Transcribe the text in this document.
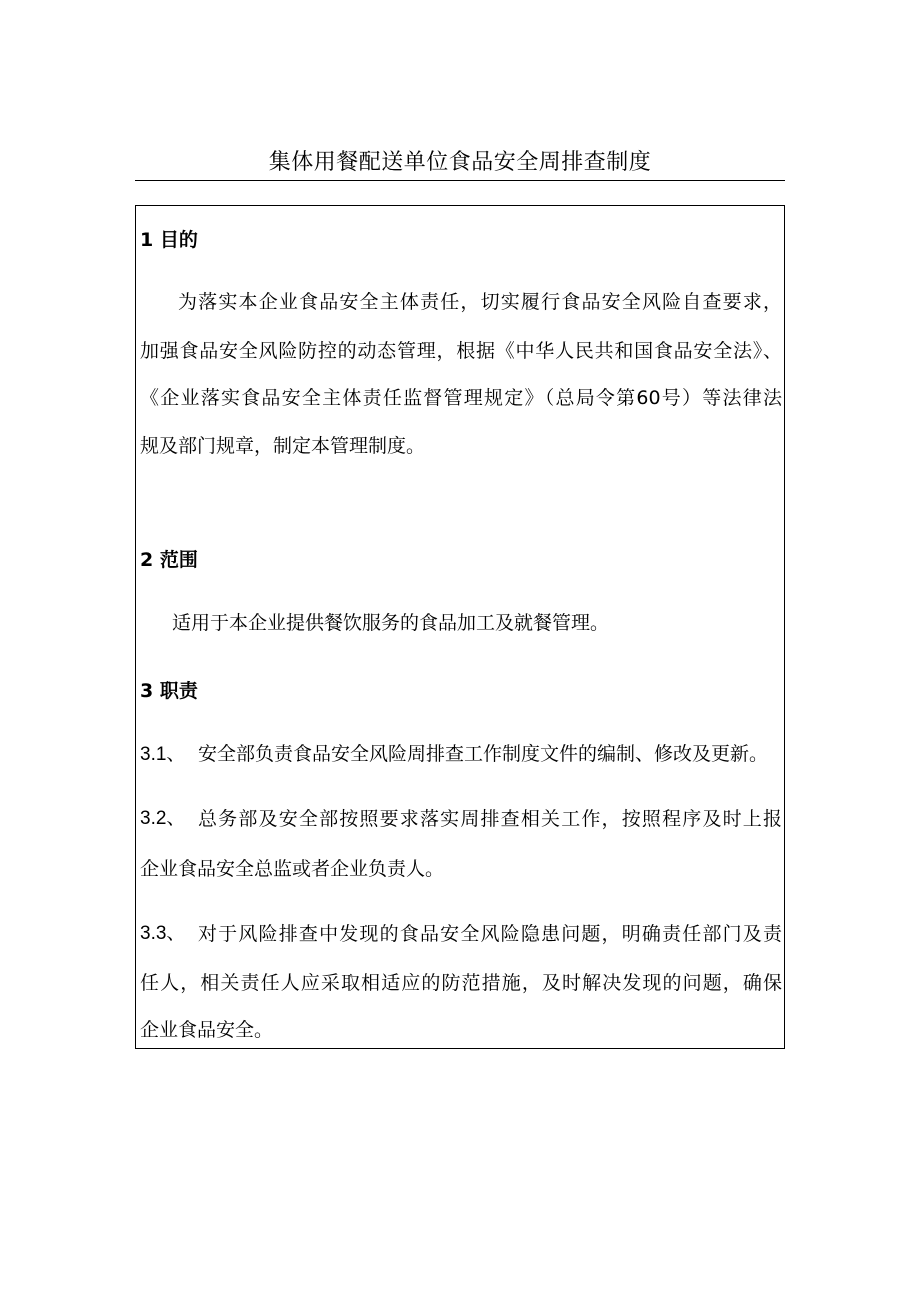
集体用餐配送单位食品安全周排查制度
1 目的
为落实本企业食品安全主体责任，切实履行食品安全风险自查要求，
加强食品安全风险防控的动态管理，根据《中华人民共和国食品安全法》、
《企业落实食品安全主体责任监督管理规定》（总局令第60号）等法律法
规及部门规章，制定本管理制度。
2 范围
适用于本企业提供餐饮服务的食品加工及就餐管理。
3 职责
3.1、 安全部负责食品安全风险周排查工作制度文件的编制、修改及更新。
3.2、 总务部及安全部按照要求落实周排查相关工作，按照程序及时上报
企业食品安全总监或者企业负责人。
3.3、 对于风险排查中发现的食品安全风险隐患问题，明确责任部门及责
任人，相关责任人应采取相适应的防范措施，及时解决发现的问题，确保
企业食品安全。
